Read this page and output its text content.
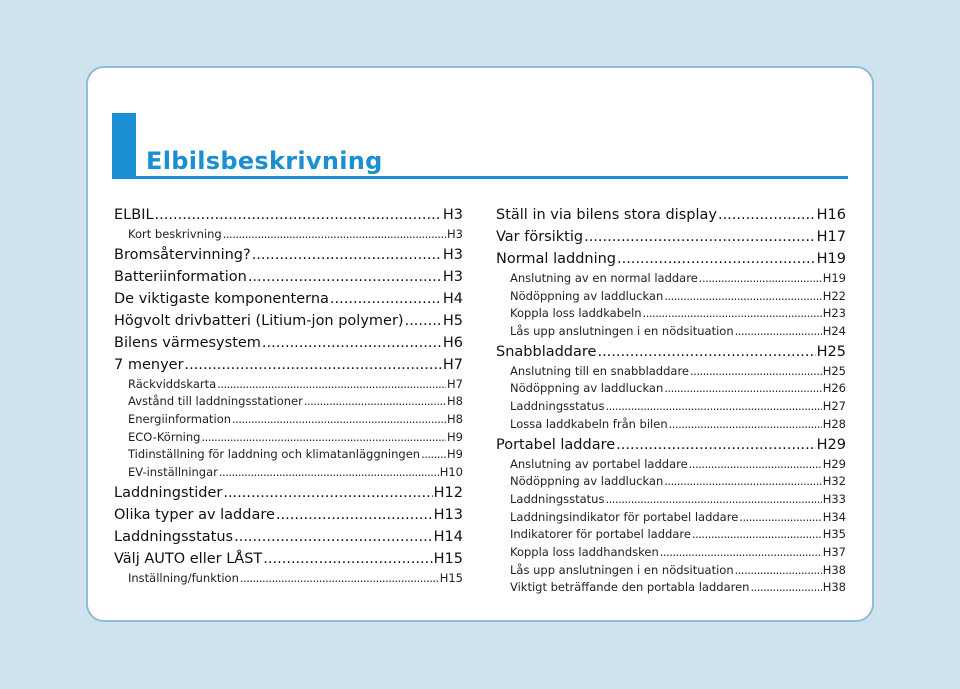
Elbilsbeskrivning
ELBIL .....	H3
Kort beskrivning .....	H3
Bromsåtervinning? .....	H3
Batteriinformation .....	H3
De viktigaste komponenterna .....	H4
Högvolt drivbatteri (Litium-jon polymer) .....	H5
Bilens värmesystem .....	H6
7 menyer .....	H7
Räckviddskarta .....	H7
Avstånd till laddningsstationer .....	H8
Energiinformation .....	H8
ECO-Körning .....	H9
Tidinställning för laddning och klimatanläggningen ..... H9
EV-inställningar .....	H10
Laddningstider .....	H12
Olika typer av laddare .....	H13
Laddningsstatus .....	H14
Välj AUTO eller LÅST .....	H15
Inställning/funktion .....	H15
Ställ in via bilens stora display .....	H16
Var försiktig .....	H17
Normal laddning .....	H19
Anslutning av en normal laddare .....	H19
Nödöppning av laddluckan .....	H22
Koppla loss laddkabeln .....	H23
Lås upp anslutningen i en nödsituation .....	H24
Snabbladdare .....	H25
Anslutning till en snabbladdare .....	H25
Nödöppning av laddluckan .....	H26
Laddningsstatus .....	H27
Lossa laddkabeln från bilen .....	H28
Portabel laddare .....	H29
Anslutning av portabel laddare .....	H29
Nödöppning av laddluckan .....	H32
Laddningsstatus .....	H33
Laddningsindikator för portabel laddare .....	H34
Indikatorer för portabel laddare .....	H35
Koppla loss laddhandsken .....	H37
Lås upp anslutningen i en nödsituation .....	H38
Viktigt beträffande den portabla laddaren .....	H38
